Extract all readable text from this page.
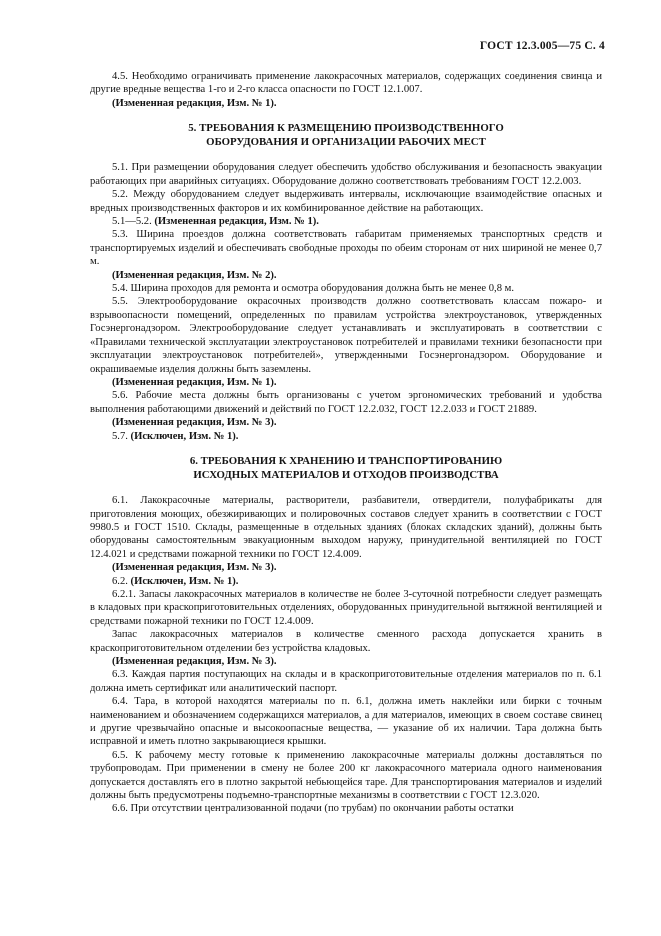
ГОСТ 12.3.005—75 С. 4

4.5. Необходимо ограничивать применение лакокрасочных материалов, содержащих соединения свинца и другие вредные вещества 1-го и 2-го класса опасности по ГОСТ 12.1.007.

(Измененная редакция, Изм. № 1).

5. ТРЕБОВАНИЯ К РАЗМЕЩЕНИЮ ПРОИЗВОДСТВЕННОГО
ОБОРУДОВАНИЯ И ОРГАНИЗАЦИИ РАБОЧИХ МЕСТ

5.1. При размещении оборудования следует обеспечить удобство обслуживания и безопасность эвакуации работающих при аварийных ситуациях. Оборудование должно соответствовать требованиям ГОСТ 12.2.003.

5.2. Между оборудованием следует выдерживать интервалы, исключающие взаимодействие опасных и вредных производственных факторов и их комбинированное действие на работающих.

5.1—5.2. (Измененная редакция, Изм. № 1).

5.3. Ширина проездов должна соответствовать габаритам применяемых транспортных средств и транспортируемых изделий и обеспечивать свободные проходы по обеим сторонам от них шириной не менее 0,7 м.

(Измененная редакция, Изм. № 2).

5.4. Ширина проходов для ремонта и осмотра оборудования должна быть не менее 0,8 м.

5.5. Электрооборудование окрасочных производств должно соответствовать классам пожаро- и взрывоопасности помещений, определенных по правилам устройства электроустановок, утвержденных Госэнергонадзором. Электрооборудование следует устанавливать и эксплуатировать в соответствии с «Правилами технической эксплуатации электроустановок потребителей и правилами техники безопасности при эксплуатации электроустановок потребителей», утвержденными Госэнергонадзором. Оборудование и окрашиваемые изделия должны быть заземлены.

(Измененная редакция, Изм. № 1).

5.6. Рабочие места должны быть организованы с учетом эргономических требований и удобства выполнения работающими движений и действий по ГОСТ 12.2.032, ГОСТ 12.2.033 и ГОСТ 21889.

(Измененная редакция, Изм. № 3).

5.7. (Исключен, Изм. № 1).

6. ТРЕБОВАНИЯ К ХРАНЕНИЮ И ТРАНСПОРТИРОВАНИЮ
ИСХОДНЫХ МАТЕРИАЛОВ И ОТХОДОВ ПРОИЗВОДСТВА

6.1. Лакокрасочные материалы, растворители, разбавители, отвердители, полуфабрикаты для приготовления моющих, обезжиривающих и полировочных составов следует хранить в соответствии с ГОСТ 9980.5 и ГОСТ 1510. Склады, размещенные в отдельных зданиях (блоках складских зданий), должны быть оборудованы самостоятельным эвакуационным выходом наружу, принудительной вентиляцией по ГОСТ 12.4.021 и средствами пожарной техники по ГОСТ 12.4.009.

(Измененная редакция, Изм. № 3).

6.2. (Исключен, Изм. № 1).

6.2.1. Запасы лакокрасочных материалов в количестве не более 3-суточной потребности следует размещать в кладовых при краскоприготовительных отделениях, оборудованных принудительной вытяжной вентиляцией и средствами пожарной техники по ГОСТ 12.4.009.

Запас лакокрасочных материалов в количестве сменного расхода допускается хранить в краскоприготовительном отделении без устройства кладовых.

(Измененная редакция, Изм. № 3).

6.3. Каждая партия поступающих на склады и в краскоприготовительные отделения материалов по п. 6.1 должна иметь сертификат или аналитический паспорт.

6.4. Тара, в которой находятся материалы по п. 6.1, должна иметь наклейки или бирки с точным наименованием и обозначением содержащихся материалов, а для материалов, имеющих в своем составе свинец и другие чрезвычайно опасные и высокоопасные вещества, — указание об их наличии. Тара должна быть исправной и иметь плотно закрывающиеся крышки.

6.5. К рабочему месту готовые к применению лакокрасочные материалы должны доставляться по трубопроводам. При применении в смену не более 200 кг лакокрасочного материала одного наименования допускается доставлять его в плотно закрытой небьющейся таре. Для транспортирования материалов и изделий должны быть предусмотрены подъемно-транспортные механизмы в соответствии с ГОСТ 12.3.020.

6.6. При отсутствии централизованной подачи (по трубам) по окончании работы остатки
